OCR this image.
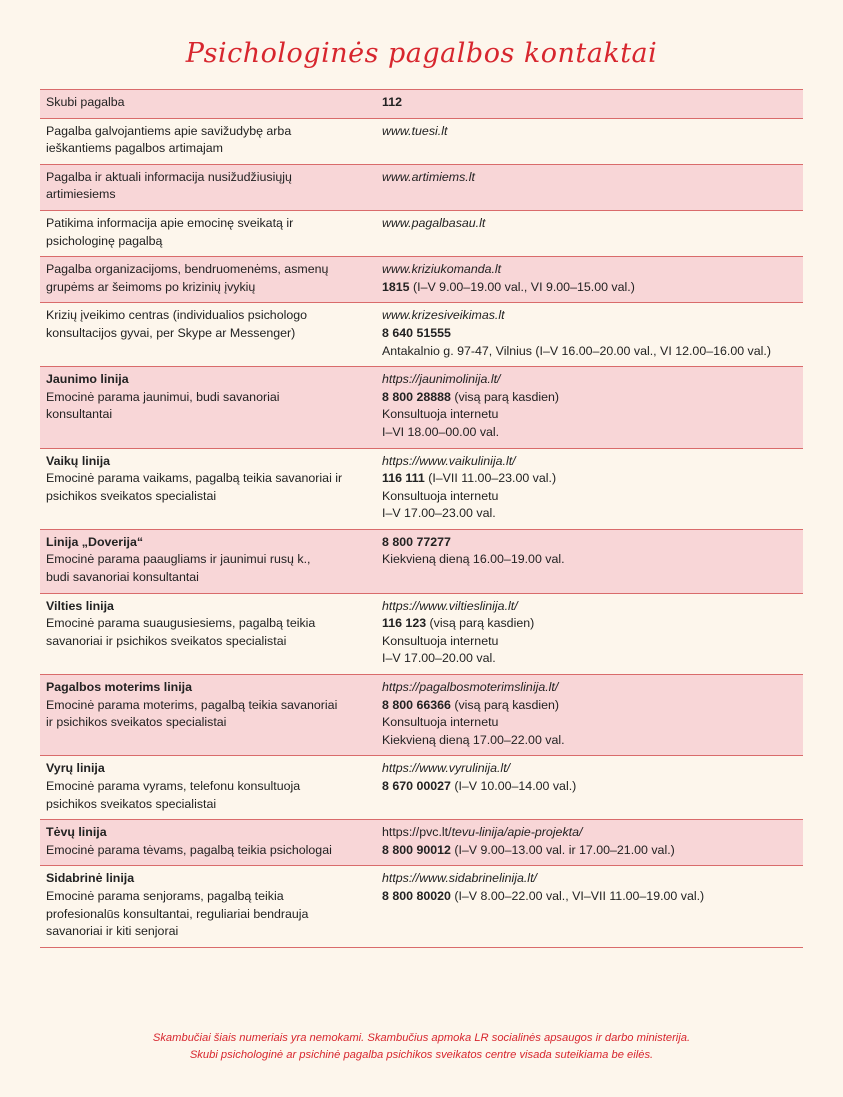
Psichologinės pagalbos kontaktai
Skubi pagalba	112
Pagalba galvojantiems apie savižudybę arba
ieškantiems pagalbos artimajam
www.tuesi.lt
Pagalba ir aktuali informacija nusižudžiusiųjų
artimiesiems
www.artimiems.lt
Patikima informacija apie emocinę sveikatą ir
psichologinę pagalbą
www.pagalbasau.lt
Pagalba organizacijoms, bendruomenėms, asmenų
grupėms ar šeimoms po krizinių įvykių
www.kriziukomanda.lt
1815 (I–V 9.00–19.00 val., VI 9.00–15.00 val.)
Krizių įveikimo centras (individualios psichologo
konsultacijos gyvai, per Skype ar Messenger)
www.krizesiveikimas.lt
8 640 51555
Antakalnio g. 97-47, Vilnius (I–V 16.00–20.00 val., VI 12.00–16.00 val.)
Jaunimo linija
Emocinė parama jaunimui, budi savanoriai
konsultantai
https://jaunimolinija.lt/
8 800 28888 (visą parą kasdien)
Konsultuoja internetu
I–VI 18.00–00.00 val.
Vaikų linija
Emocinė parama vaikams, pagalbą teikia savanoriai ir
psichikos sveikatos specialistai
https://www.vaikulinija.lt/
116 111 (I–VII 11.00–23.00 val.)
Konsultuoja internetu
I–V 17.00–23.00 val.
Linija „Doverija“
Emocinė parama paaugliams ir jaunimui rusų k.,
budi savanoriai konsultantai
8 800 77277
Kiekvieną dieną 16.00–19.00 val.
Vilties linija
Emocinė parama suaugusiesiems, pagalbą teikia
savanoriai ir psichikos sveikatos specialistai
https://www.viltieslinija.lt/
116 123 (visą parą kasdien)
Konsultuoja internetu
I–V 17.00–20.00 val.
Pagalbos moterims linija
Emocinė parama moterims, pagalbą teikia savanoriai
ir psichikos sveikatos specialistai
https://pagalbosmoterimslinija.lt/
8 800 66366 (visą parą kasdien)
Konsultuoja internetu
Kiekvieną dieną 17.00–22.00 val.
Vyrų linija
Emocinė parama vyrams, telefonu konsultuoja
psichikos sveikatos specialistai
https://www.vyrulinija.lt/
8 670 00027 (I–V 10.00–14.00 val.)
Tėvų linija
Emocinė parama tėvams, pagalbą teikia psichologai
https://pvc.lt/tevu-linija/apie-projekta/
8 800 90012 (I–V 9.00–13.00 val. ir 17.00–21.00 val.)
Sidabrinė linija
Emocinė parama senjorams, pagalbą teikia
profesionalūs konsultantai, reguliariai bendrauja
savanoriai ir kiti senjorai
https://www.sidabrinelinija.lt/
8 800 80020 (I–V 8.00–22.00 val., VI–VII 11.00–19.00 val.)
Skambučiai šiais numeriais yra nemokami. Skambučius apmoka LR socialinės apsaugos ir darbo ministerija.
Skubi psichologinė ar psichinė pagalba psichikos sveikatos centre visada suteikiama be eilės.
